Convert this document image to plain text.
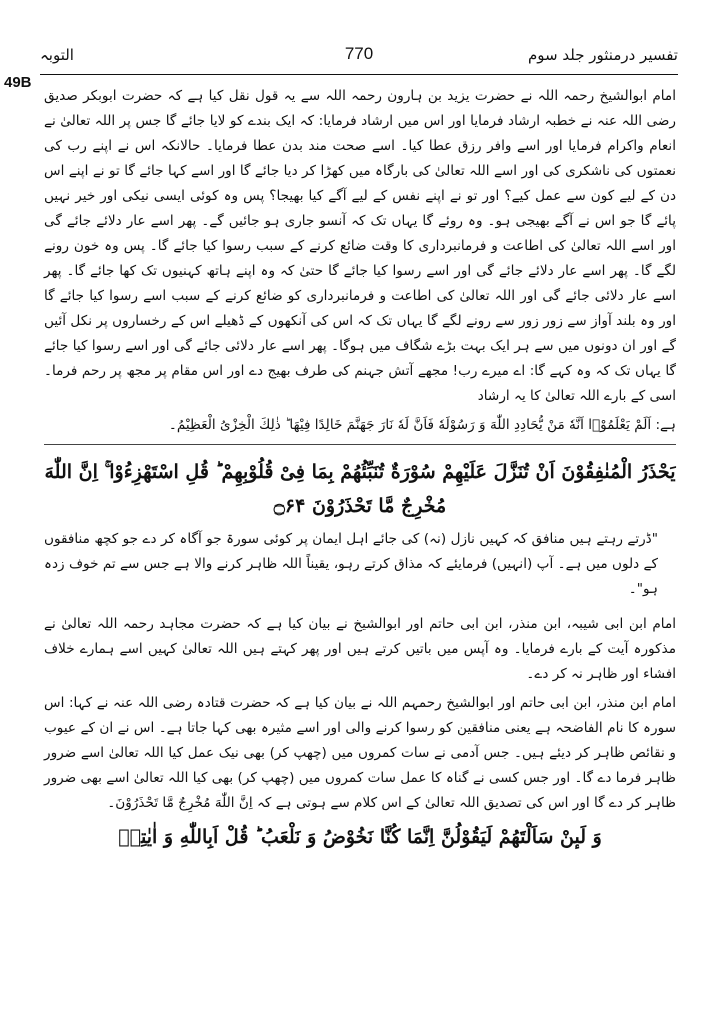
49B
تفسیر درمنثور جلد سوم
770
التوبہ

امام ابوالشیخ رحمہ اللہ نے حضرت یزید بن ہارون رحمہ اللہ سے یہ قول نقل کیا ہے کہ حضرت ابوبکر صدیق رضی اللہ عنہ نے خطبہ ارشاد فرمایا اور اس میں ارشاد فرمایا: کہ ایک بندے کو لایا جائے گا جس پر اللہ تعالیٰ نے انعام واکرام فرمایا اور اسے وافر رزق عطا کیا۔ اسے صحت مند بدن عطا فرمایا۔ حالانکہ اس نے اپنے رب کی نعمتوں کی ناشکری کی اور اسے اللہ تعالیٰ کی بارگاہ میں کھڑا کر دیا جائے گا اور اسے کہا جائے گا تو نے اپنے اس دن کے لیے کون سے عمل کیے؟ اور تو نے اپنے نفس کے لیے آگے کیا بھیجا؟ پس وہ کوئی ایسی نیکی اور خیر نہیں پائے گا جو اس نے آگے بھیجی ہو۔ وہ روئے گا یہاں تک کہ آنسو جاری ہو جائیں گے۔ پھر اسے عار دلائے جائے گی اور اسے اللہ تعالیٰ کی اطاعت و فرمانبرداری کا وقت ضائع کرنے کے سبب رسوا کیا جائے گا۔ پس وہ خون رونے لگے گا۔ پھر اسے عار دلائے جائے گی اور اسے رسوا کیا جائے گا حتیٰ کہ وہ اپنے ہاتھ کہنیوں تک کھا جائے گا۔ پھر اسے عار دلائی جائے گی اور اللہ تعالیٰ کی اطاعت و فرمانبرداری کو ضائع کرنے کے سبب اسے رسوا کیا جائے گا اور وہ بلند آواز سے زور زور سے رونے لگے گا یہاں تک کہ اس کی آنکھوں کے ڈھیلے اس کے رخساروں پر نکل آئیں گے اور ان دونوں میں سے ہر ایک بہت بڑے شگاف میں ہوگا۔ پھر اسے عار دلائی جائے گی اور اسے رسوا کیا جائے گا یہاں تک کہ وہ کہے گا: اے میرے رب! مجھے آتش جہنم کی طرف بھیج دے اور اس مقام پر مجھ پر رحم فرما۔ اسی کے بارے اللہ تعالیٰ کا یہ ارشاد

ہے: اَلَمْ یَعْلَمُوْۤا اَنَّهٗ مَنْ یُّحَادِدِ اللّٰهَ وَ رَسُوْلَهٗ فَاَنَّ لَهٗ نَارَ جَهَنَّمَ خَالِدًا فِیْهَا ؕ ذٰلِكَ الْخِزْیُ الْعَظِیْمُ۔

یَحْذَرُ الْمُنٰفِقُوْنَ اَنْ تُنَزَّلَ عَلَیْهِمْ سُوْرَةٌ تُنَبِّئُهُمْ بِمَا فِیْ قُلُوْبِهِمْ ؕ قُلِ اسْتَهْزِءُوْا ۚ اِنَّ اللّٰهَ مُخْرِجٌ مَّا تَحْذَرُوْنَ ۝۶۴

"ڈرتے رہتے ہیں منافق کہ کہیں نازل (نہ) کی جائے اہل ایمان پر کوئی سورۃ جو آگاہ کر دے جو کچھ منافقوں کے دلوں میں ہے۔ آپ (انہیں) فرمایئے کہ مذاق کرتے رہو، یقیناً اللہ ظاہر کرنے والا ہے جس سے تم خوف زدہ ہو"۔

امام ابن ابی شیبہ، ابن منذر، ابن ابی حاتم اور ابوالشیخ نے بیان کیا ہے کہ حضرت مجاہد رحمہ اللہ تعالیٰ نے مذکورہ آیت کے بارے فرمایا۔ وہ آپس میں باتیں کرتے ہیں اور پھر کہتے ہیں اللہ تعالیٰ کہیں اسے ہمارے خلاف افشاء اور ظاہر نہ کر دے۔

امام ابن منذر، ابن ابی حاتم اور ابوالشیخ رحمہم اللہ نے بیان کیا ہے کہ حضرت قتادہ رضی اللہ عنہ نے کہا: اس سورہ کا نام الفاضحہ ہے یعنی منافقین کو رسوا کرنے والی اور اسے مثیرہ بھی کہا جاتا ہے۔ اس نے ان کے عیوب و نقائص ظاہر کر دیئے ہیں۔ جس آدمی نے سات کمروں میں (چھپ کر) بھی نیک عمل کیا اللہ تعالیٰ اسے ضرور ظاہر فرما دے گا۔ اور جس کسی نے گناہ کا عمل سات کمروں میں (چھپ کر) بھی کیا اللہ تعالیٰ اسے بھی ضرور ظاہر کر دے گا اور اس کی تصدیق اللہ تعالیٰ کے اس کلام سے ہوتی ہے کہ اِنَّ اللّٰهَ مُخْرِجٌ مَّا تَحْذَرُوْنَ۔

وَ لَىٕنْ سَاَلْتَهُمْ لَیَقُوْلُنَّ اِنَّمَا كُنَّا نَخُوْضُ وَ نَلْعَبُ ؕ قُلْ اَبِاللّٰهِ وَ اٰیٰتِهٖ
